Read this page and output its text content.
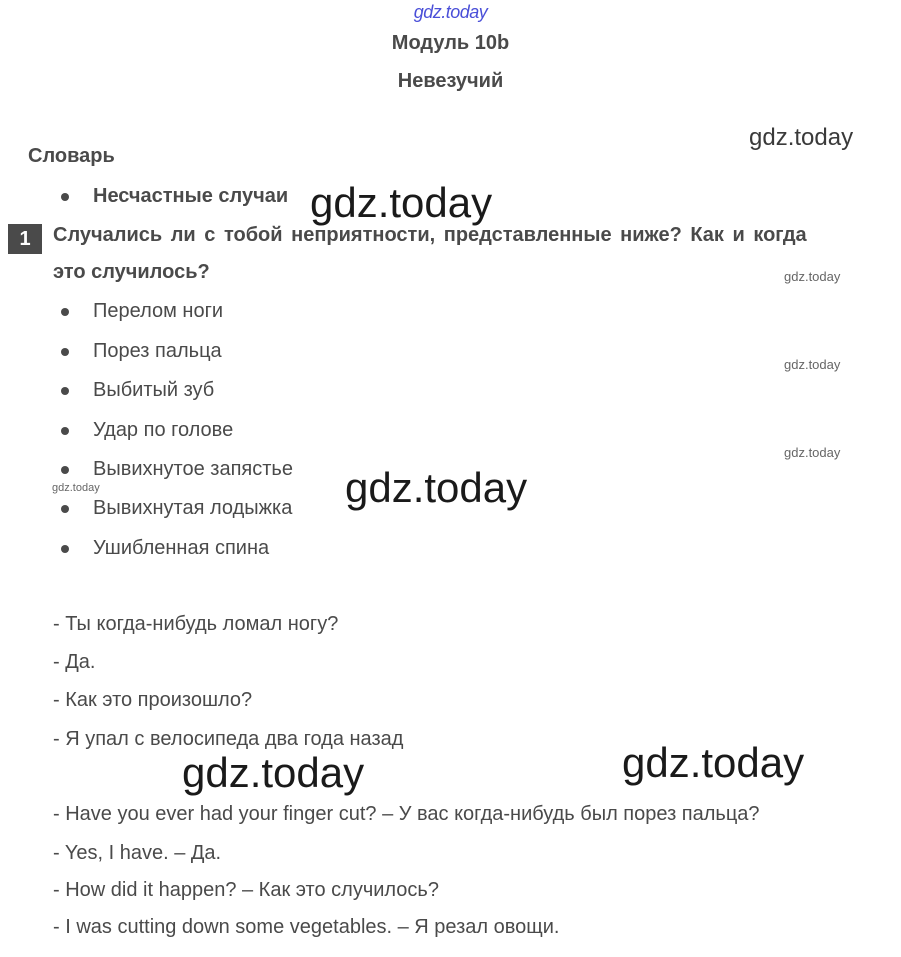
gdz.today
gdz.today
gdz.today
gdz.today
gdz.today
gdz.today
gdz.today
gdz.today
gdz.today	gdz.today
Модуль 10b
Невезучий
Словарь
Несчастные случаи
1	Случались ли с тобой неприятности, представленные ниже? Как и когда
это случилось?
Перелом ноги
Порез пальца
Выбитый зуб
Удар по голове
Вывихнутое запястье
Вывихнутая лодыжка
Ушибленная спина
- Ты когда-нибудь ломал ногу?
- Да.
- Как это произошло?
- Я упал с велосипеда два года назад
- Have you ever had your finger cut? – У вас когда-нибудь был порез пальца?
- Yes, I have. – Да.
- How did it happen? – Как это случилось?
- I was cutting down some vegetables. – Я резал овощи.
